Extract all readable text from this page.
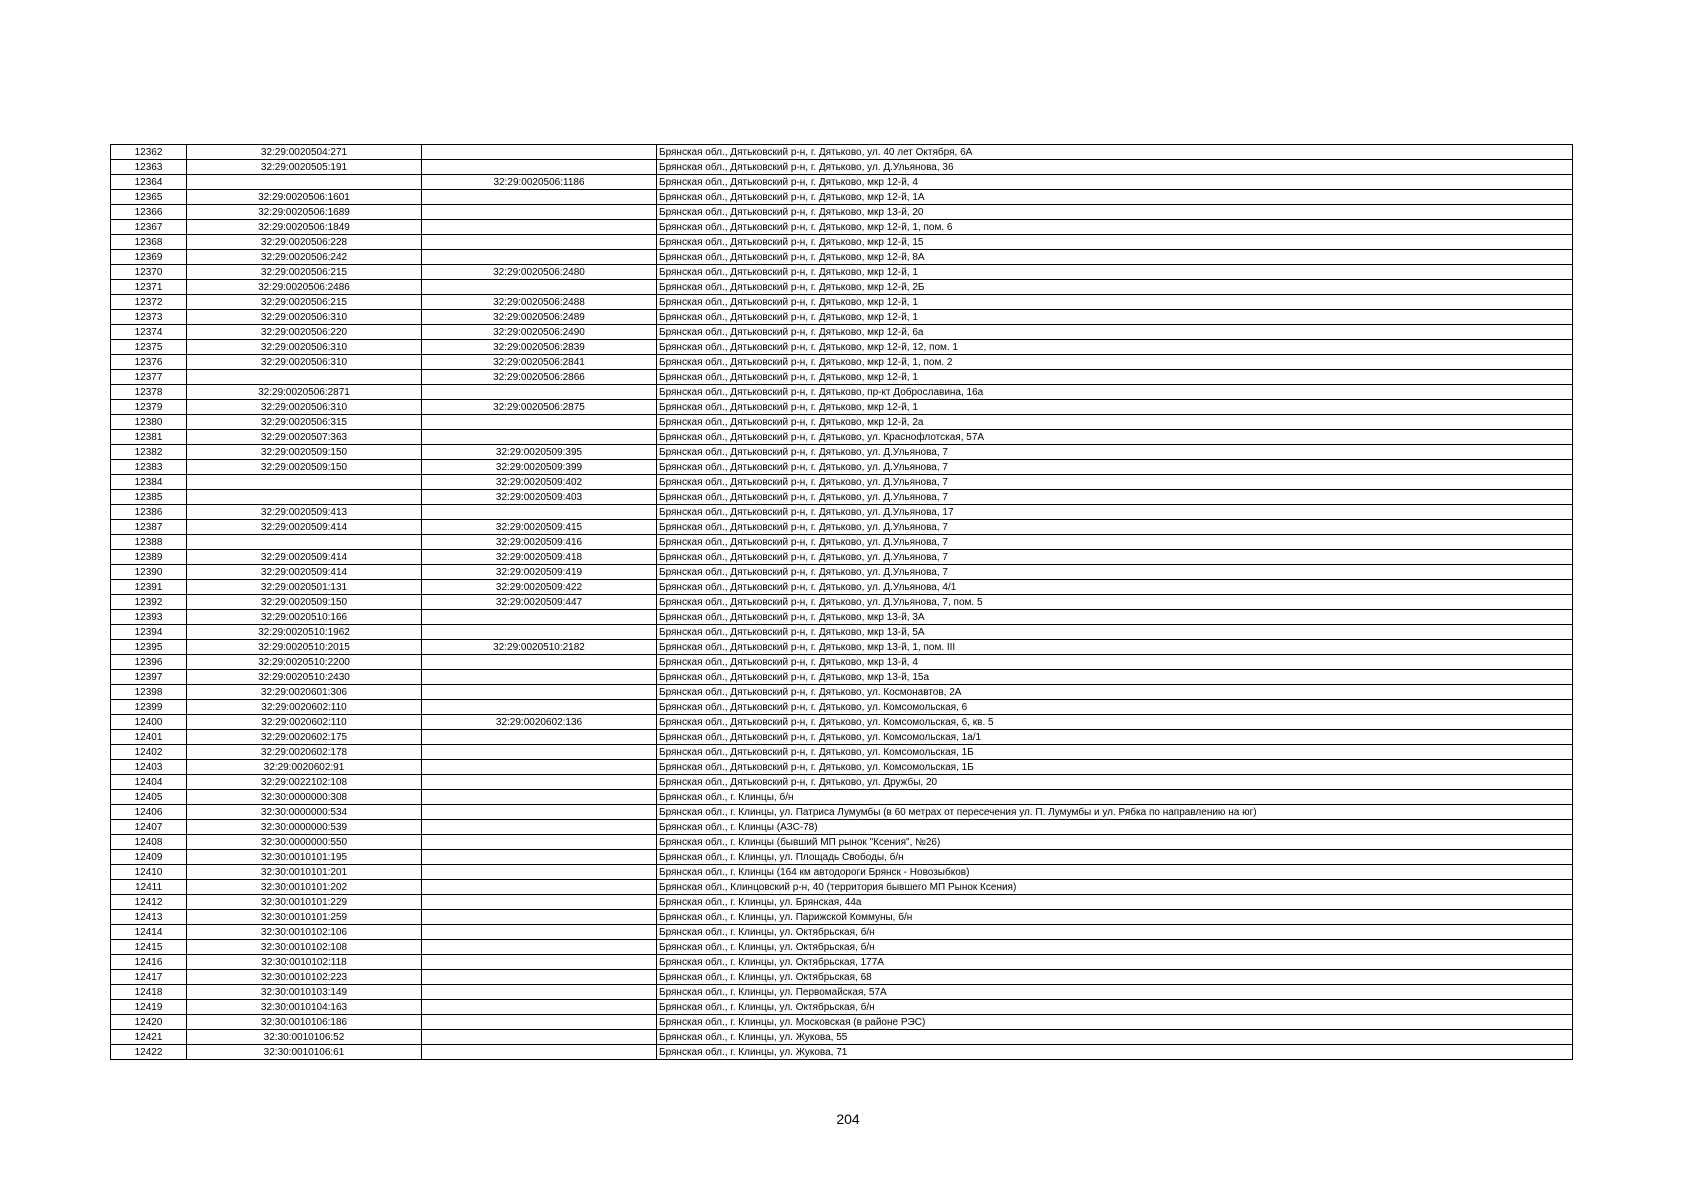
12362	32:29:0020504:271		Брянская обл., Дятьковский р-н, г. Дятьково, ул. 40 лет Октября, 6А
12363	32:29:0020505:191		Брянская обл., Дятьковский р-н, г. Дятьково, ул. Д.Ульянова, 36
12364		32:29:0020506:1186	Брянская обл., Дятьковский р-н, г. Дятьково, мкр 12-й, 4
12365	32:29:0020506:1601		Брянская обл., Дятьковский р-н, г. Дятьково, мкр 12-й, 1А
12366	32:29:0020506:1689		Брянская обл., Дятьковский р-н, г. Дятьково, мкр 13-й, 20
12367	32:29:0020506:1849		Брянская обл., Дятьковский р-н, г. Дятьково, мкр 12-й, 1, пом. 6
12368	32:29:0020506:228		Брянская обл., Дятьковский р-н, г. Дятьково, мкр 12-й, 15
12369	32:29:0020506:242		Брянская обл., Дятьковский р-н, г. Дятьково, мкр 12-й, 8А
12370	32:29:0020506:215	32:29:0020506:2480	Брянская обл., Дятьковский р-н, г. Дятьково, мкр 12-й, 1
12371	32:29:0020506:2486		Брянская обл., Дятьковский р-н, г. Дятьково, мкр 12-й, 2Б
12372	32:29:0020506:215	32:29:0020506:2488	Брянская обл., Дятьковский р-н, г. Дятьково, мкр 12-й, 1
12373	32:29:0020506:310	32:29:0020506:2489	Брянская обл., Дятьковский р-н, г. Дятьково, мкр 12-й, 1
12374	32:29:0020506:220	32:29:0020506:2490	Брянская обл., Дятьковский р-н, г. Дятьково, мкр 12-й, 6а
12375	32:29:0020506:310	32:29:0020506:2839	Брянская обл., Дятьковский р-н, г. Дятьково, мкр 12-й, 12, пом. 1
12376	32:29:0020506:310	32:29:0020506:2841	Брянская обл., Дятьковский р-н, г. Дятьково, мкр 12-й, 1, пом. 2
12377		32:29:0020506:2866	Брянская обл., Дятьковский р-н, г. Дятьково, мкр 12-й, 1
12378	32:29:0020506:2871		Брянская обл., Дятьковский р-н, г. Дятьково, пр-кт Доброславина, 16а
12379	32:29:0020506:310	32:29:0020506:2875	Брянская обл., Дятьковский р-н, г. Дятьково, мкр 12-й, 1
12380	32:29:0020506:315		Брянская обл., Дятьковский р-н, г. Дятьково, мкр 12-й, 2а
12381	32:29:0020507:363		Брянская обл., Дятьковский р-н, г. Дятьково, ул. Краснофлотская, 57А
12382	32:29:0020509:150	32:29:0020509:395	Брянская обл., Дятьковский р-н, г. Дятьково, ул. Д.Ульянова, 7
12383	32:29:0020509:150	32:29:0020509:399	Брянская обл., Дятьковский р-н, г. Дятьково, ул. Д.Ульянова, 7
12384		32:29:0020509:402	Брянская обл., Дятьковский р-н, г. Дятьково, ул. Д.Ульянова, 7
12385		32:29:0020509:403	Брянская обл., Дятьковский р-н, г. Дятьково, ул. Д.Ульянова, 7
12386	32:29:0020509:413		Брянская обл., Дятьковский р-н, г. Дятьково, ул. Д.Ульянова, 17
12387	32:29:0020509:414	32:29:0020509:415	Брянская обл., Дятьковский р-н, г. Дятьково, ул. Д.Ульянова, 7
12388		32:29:0020509:416	Брянская обл., Дятьковский р-н, г. Дятьково, ул. Д.Ульянова, 7
12389	32:29:0020509:414	32:29:0020509:418	Брянская обл., Дятьковский р-н, г. Дятьково, ул. Д.Ульянова, 7
12390	32:29:0020509:414	32:29:0020509:419	Брянская обл., Дятьковский р-н, г. Дятьково, ул. Д.Ульянова, 7
12391	32:29:0020501:131	32:29:0020509:422	Брянская обл., Дятьковский р-н, г. Дятьково, ул. Д.Ульянова, 4/1
12392	32:29:0020509:150	32:29:0020509:447	Брянская обл., Дятьковский р-н, г. Дятьково, ул. Д.Ульянова, 7, пом. 5
12393	32:29:0020510:166		Брянская обл., Дятьковский р-н, г. Дятьково, мкр 13-й, 3А
12394	32:29:0020510:1962		Брянская обл., Дятьковский р-н, г. Дятьково, мкр 13-й, 5А
12395	32:29:0020510:2015	32:29:0020510:2182	Брянская обл., Дятьковский р-н, г. Дятьково, мкр 13-й, 1, пом. III
12396	32:29:0020510:2200		Брянская обл., Дятьковский р-н, г. Дятьково, мкр 13-й, 4
12397	32:29:0020510:2430		Брянская обл., Дятьковский р-н, г. Дятьково, мкр 13-й, 15а
12398	32:29:0020601:306		Брянская обл., Дятьковский р-н, г. Дятьково, ул. Космонавтов, 2А
12399	32:29:0020602:110		Брянская обл., Дятьковский р-н, г. Дятьково, ул. Комсомольская, 6
12400	32:29:0020602:110	32:29:0020602:136	Брянская обл., Дятьковский р-н, г. Дятьково, ул. Комсомольская, 6, кв. 5
12401	32:29:0020602:175		Брянская обл., Дятьковский р-н, г. Дятьково, ул. Комсомольская, 1а/1
12402	32:29:0020602:178		Брянская обл., Дятьковский р-н, г. Дятьково, ул. Комсомольская, 1Б
12403	32:29:0020602:91		Брянская обл., Дятьковский р-н, г. Дятьково, ул. Комсомольская, 1Б
12404	32:29:0022102:108		Брянская обл., Дятьковский р-н, г. Дятьково, ул. Дружбы, 20
12405	32:30:0000000:308		Брянская обл., г. Клинцы, б/н
12406	32:30:0000000:534		Брянская обл., г. Клинцы, ул. Патриса Лумумбы (в 60 метрах от пересечения ул. П. Лумумбы и ул. Рябка по направлению на юг)
12407	32:30:0000000:539		Брянская обл., г. Клинцы (АЗС-78)
12408	32:30:0000000:550		Брянская обл., г. Клинцы (бывший МП рынок "Ксения", №26)
12409	32:30:0010101:195		Брянская обл., г. Клинцы, ул. Площадь Свободы, б/н
12410	32:30:0010101:201		Брянская обл., г. Клинцы (164 км автодороги Брянск - Новозыбков)
12411	32:30:0010101:202		Брянская обл., Клинцовский р-н, 40 (территория бывшего МП Рынок Ксения)
12412	32:30:0010101:229		Брянская обл., г. Клинцы, ул. Брянская, 44а
12413	32:30:0010101:259		Брянская обл., г. Клинцы, ул. Парижской Коммуны, б/н
12414	32:30:0010102:106		Брянская обл., г. Клинцы, ул. Октябрьская, б/н
12415	32:30:0010102:108		Брянская обл., г. Клинцы, ул. Октябрьская, б/н
12416	32:30:0010102:118		Брянская обл., г. Клинцы, ул. Октябрьская, 177А
12417	32:30:0010102:223		Брянская обл., г. Клинцы, ул. Октябрьская, 68
12418	32:30:0010103:149		Брянская обл., г. Клинцы, ул. Первомайская, 57А
12419	32:30:0010104:163		Брянская обл., г. Клинцы, ул. Октябрьская, б/н
12420	32:30:0010106:186		Брянская обл., г. Клинцы, ул. Московская (в районе РЭС)
12421	32:30:0010106:52		Брянская обл., г. Клинцы, ул. Жукова, 55
12422	32:30:0010106:61		Брянская обл., г. Клинцы, ул. Жукова, 71
204
